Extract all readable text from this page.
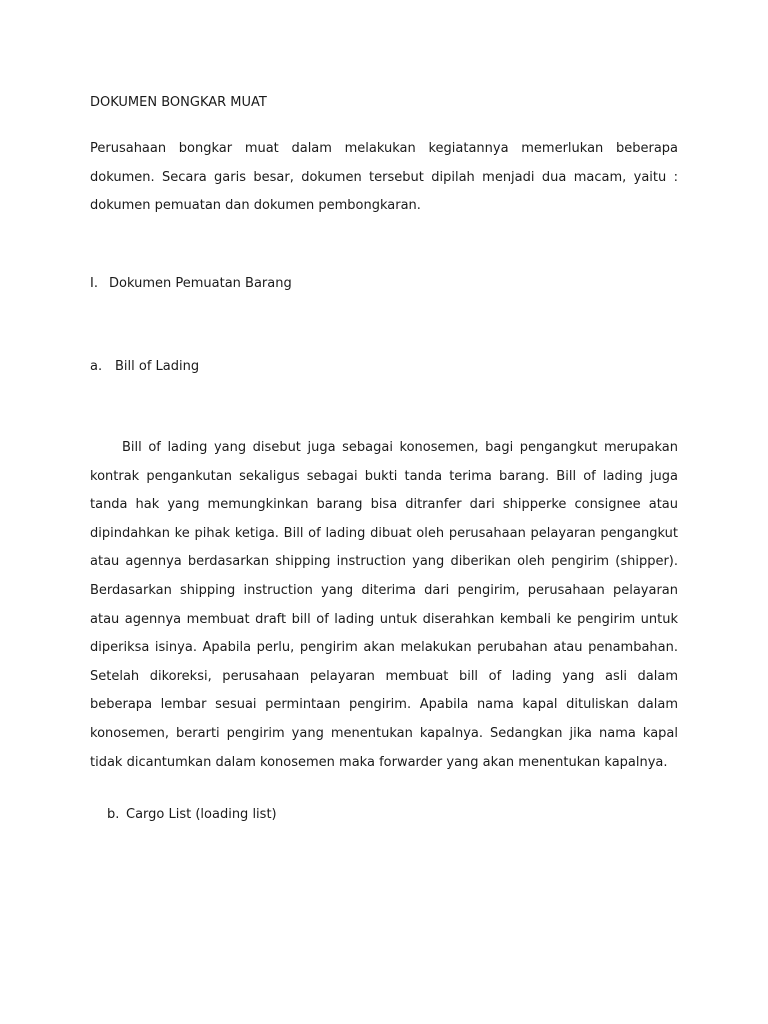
DOKUMEN BONGKAR MUAT

Perusahaan bongkar muat dalam melakukan kegiatannya memerlukan beberapa dokumen. Secara garis besar, dokumen tersebut dipilah menjadi dua macam, yaitu : dokumen pemuatan dan dokumen pembongkaran.

I. Dokumen Pemuatan Barang

a. Bill of Lading

Bill of lading yang disebut juga sebagai konosemen, bagi pengangkut merupakan kontrak pengankutan sekaligus sebagai bukti tanda terima barang. Bill of lading juga tanda hak yang memungkinkan barang bisa ditranfer dari shipperke consignee atau dipindahkan ke pihak ketiga. Bill of lading dibuat oleh perusahaan pelayaran pengangkut atau agennya berdasarkan shipping instruction yang diberikan oleh pengirim (shipper). Berdasarkan shipping instruction yang diterima dari pengirim, perusahaan pelayaran atau agennya membuat draft bill of lading untuk diserahkan kembali ke pengirim untuk diperiksa isinya. Apabila perlu, pengirim akan melakukan perubahan atau penambahan. Setelah dikoreksi, perusahaan pelayaran membuat bill of lading yang asli dalam beberapa lembar sesuai permintaan pengirim. Apabila nama kapal dituliskan dalam konosemen, berarti pengirim yang menentukan kapalnya. Sedangkan jika nama kapal tidak dicantumkan dalam konosemen maka forwarder yang akan menentukan kapalnya.

b. Cargo List (loading list)
